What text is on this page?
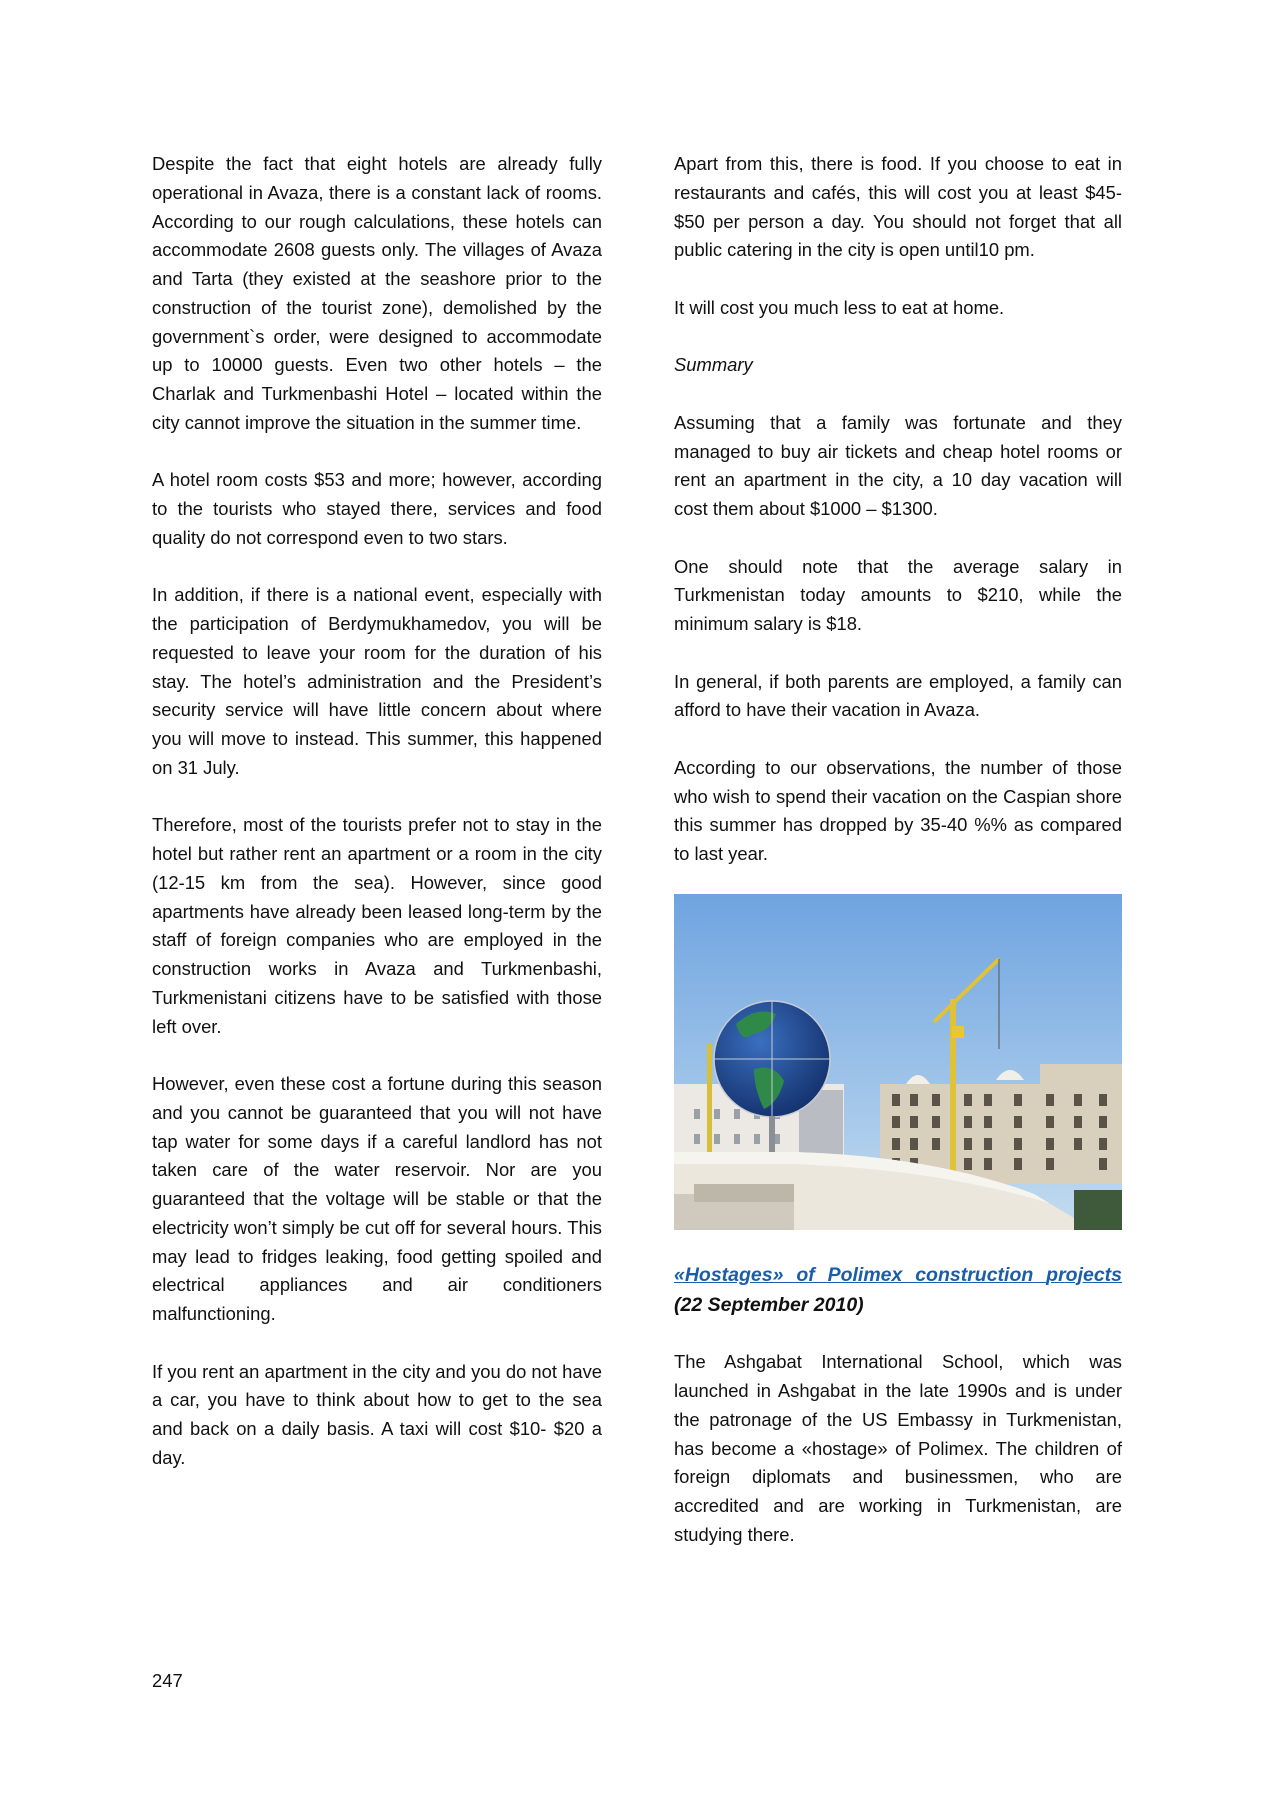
Despite the fact that eight hotels are already fully operational in Avaza, there is a constant lack of rooms. According to our rough calculations, these hotels can accommodate 2608 guests only. The villages of Avaza and Tarta (they existed at the seashore prior to the construction of the tourist zone), demolished by the government`s order, were designed to accommodate up to 10000 guests. Even two other hotels – the Charlak and Turkmenbashi Hotel – located within the city cannot improve the situation in the summer time.

A hotel room costs $53 and more; however, according to the tourists who stayed there, services and food quality do not correspond even to two stars.

In addition, if there is a national event, especially with the participation of Berdymukhamedov, you will be requested to leave your room for the duration of his stay. The hotel’s administration and the President’s security service will have little concern about where you will move to instead. This summer, this happened on 31 July.

Therefore, most of the tourists prefer not to stay in the hotel but rather rent an apartment or a room in the city (12-15 km from the sea). However, since good apartments have already been leased long-term by the staff of foreign companies who are employed in the construction works in Avaza and Turkmenbashi, Turkmenistani citizens have to be satisfied with those left over.

However, even these cost a fortune during this season and you cannot be guaranteed that you will not have tap water for some days if a careful landlord has not taken care of the water reservoir. Nor are you guaranteed that the voltage will be stable or that the electricity won’t simply be cut off for several hours. This may lead to fridges leaking, food getting spoiled and electrical appliances and air conditioners malfunctioning.

If you rent an apartment in the city and you do not have a car, you have to think about how to get to the sea and back on a daily basis. A taxi will cost $10- $20 a day.

Apart from this, there is food. If you choose to eat in restaurants and cafés, this will cost you at least $45- $50 per person a day. You should not forget that all public catering in the city is open until10 pm.

It will cost you much less to eat at home.

Summary

Assuming that a family was fortunate and they managed to buy air tickets and cheap hotel rooms or rent an apartment in the city, a 10 day vacation will cost them about $1000 – $1300.

One should note that the average salary in Turkmenistan today amounts to $210, while the minimum salary is $18.

In general, if both parents are employed, a family can afford to have their vacation in Avaza.

According to our observations, the number of those who wish to spend their vacation on the Caspian shore this summer has dropped by 35-40 %% as compared to last year.

«Hostages» of Polimex construction projects (22 September 2010)

The Ashgabat International School, which was launched in Ashgabat in the late 1990s and is under the patronage of the US Embassy in Turkmenistan, has become a «hostage» of Polimex. The children of foreign diplomats and businessmen, who are accredited and are working in Turkmenistan, are studying there.

247
